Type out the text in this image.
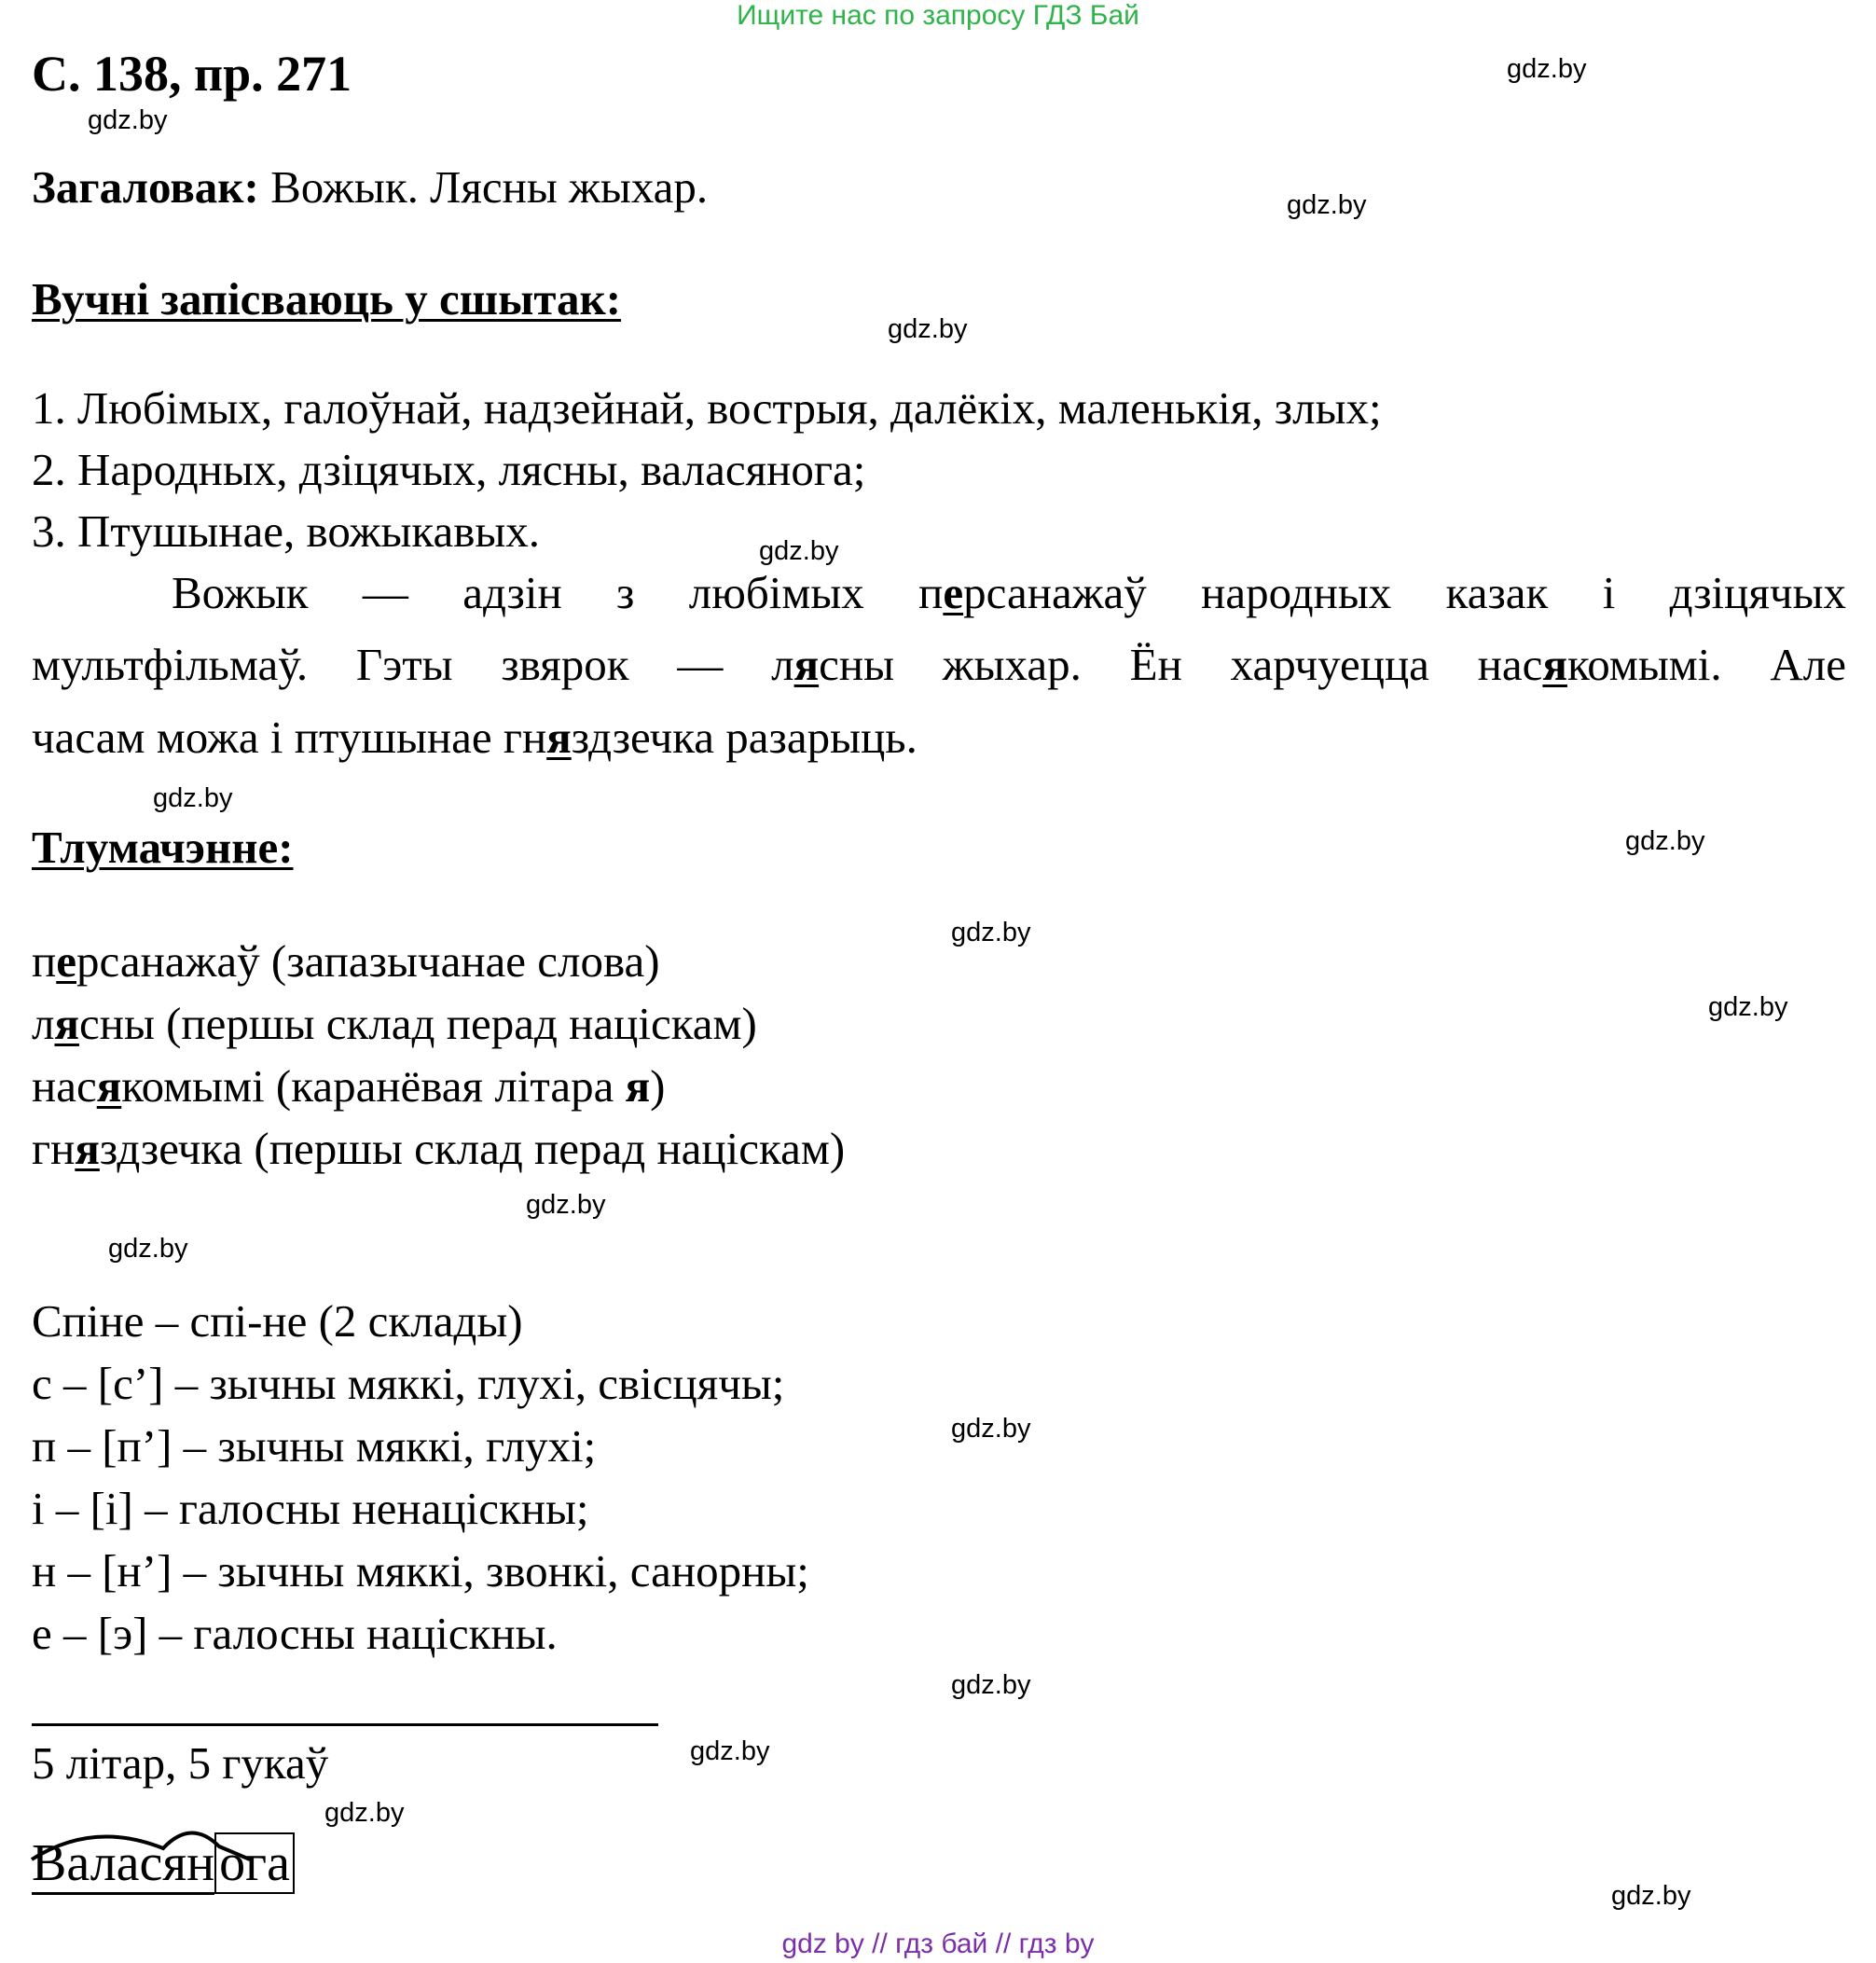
Ищите нас по запросу ГДЗ Бай
С. 138, пр. 271
Загаловак: Вожык. Лясны жыхар.
Вучні запісваюць у сшытак:
1. Любімых, галоўнай, надзейнай, вострыя, далёкіх, маленькія, злых;
2. Народных, дзіцячых, лясны, валасянога;
3. Птушынае, вожыкавых.
Вожык — адзін з любімых персанажаў народных казак і дзіцячых
мультфільмаў. Гэты звярок — лясны жыхар. Ён харчуецца насякомымі. Але
часам можа і птушынае гняздзечка разарыць.
Тлумачэнне:
персанажаў (запазычанае слова)
лясны (першы склад перад націскам)
насякомымі (каранёвая літара я)
гняздзечка (першы склад перад націскам)
Спіне – спі-не (2 склады)
с – [с’] – зычны мяккі, глухі, свісцячы;
п – [п’] – зычны мяккі, глухі;
і – [і] – галосны ненаціскны;
н – [н’] – зычны мяккі, звонкі, санорны;
е – [э] – галосны націскны.
5 літар, 5 гукаў
Валасянога
gdz.by
gdz.by
gdz.by
gdz.by
gdz.by
gdz.by
gdz.by
gdz.by
gdz.by
gdz.by
gdz.by
gdz.by
gdz.by
gdz.by
gdz.by
gdz.by
gdz by // гдз бай // гдз by
